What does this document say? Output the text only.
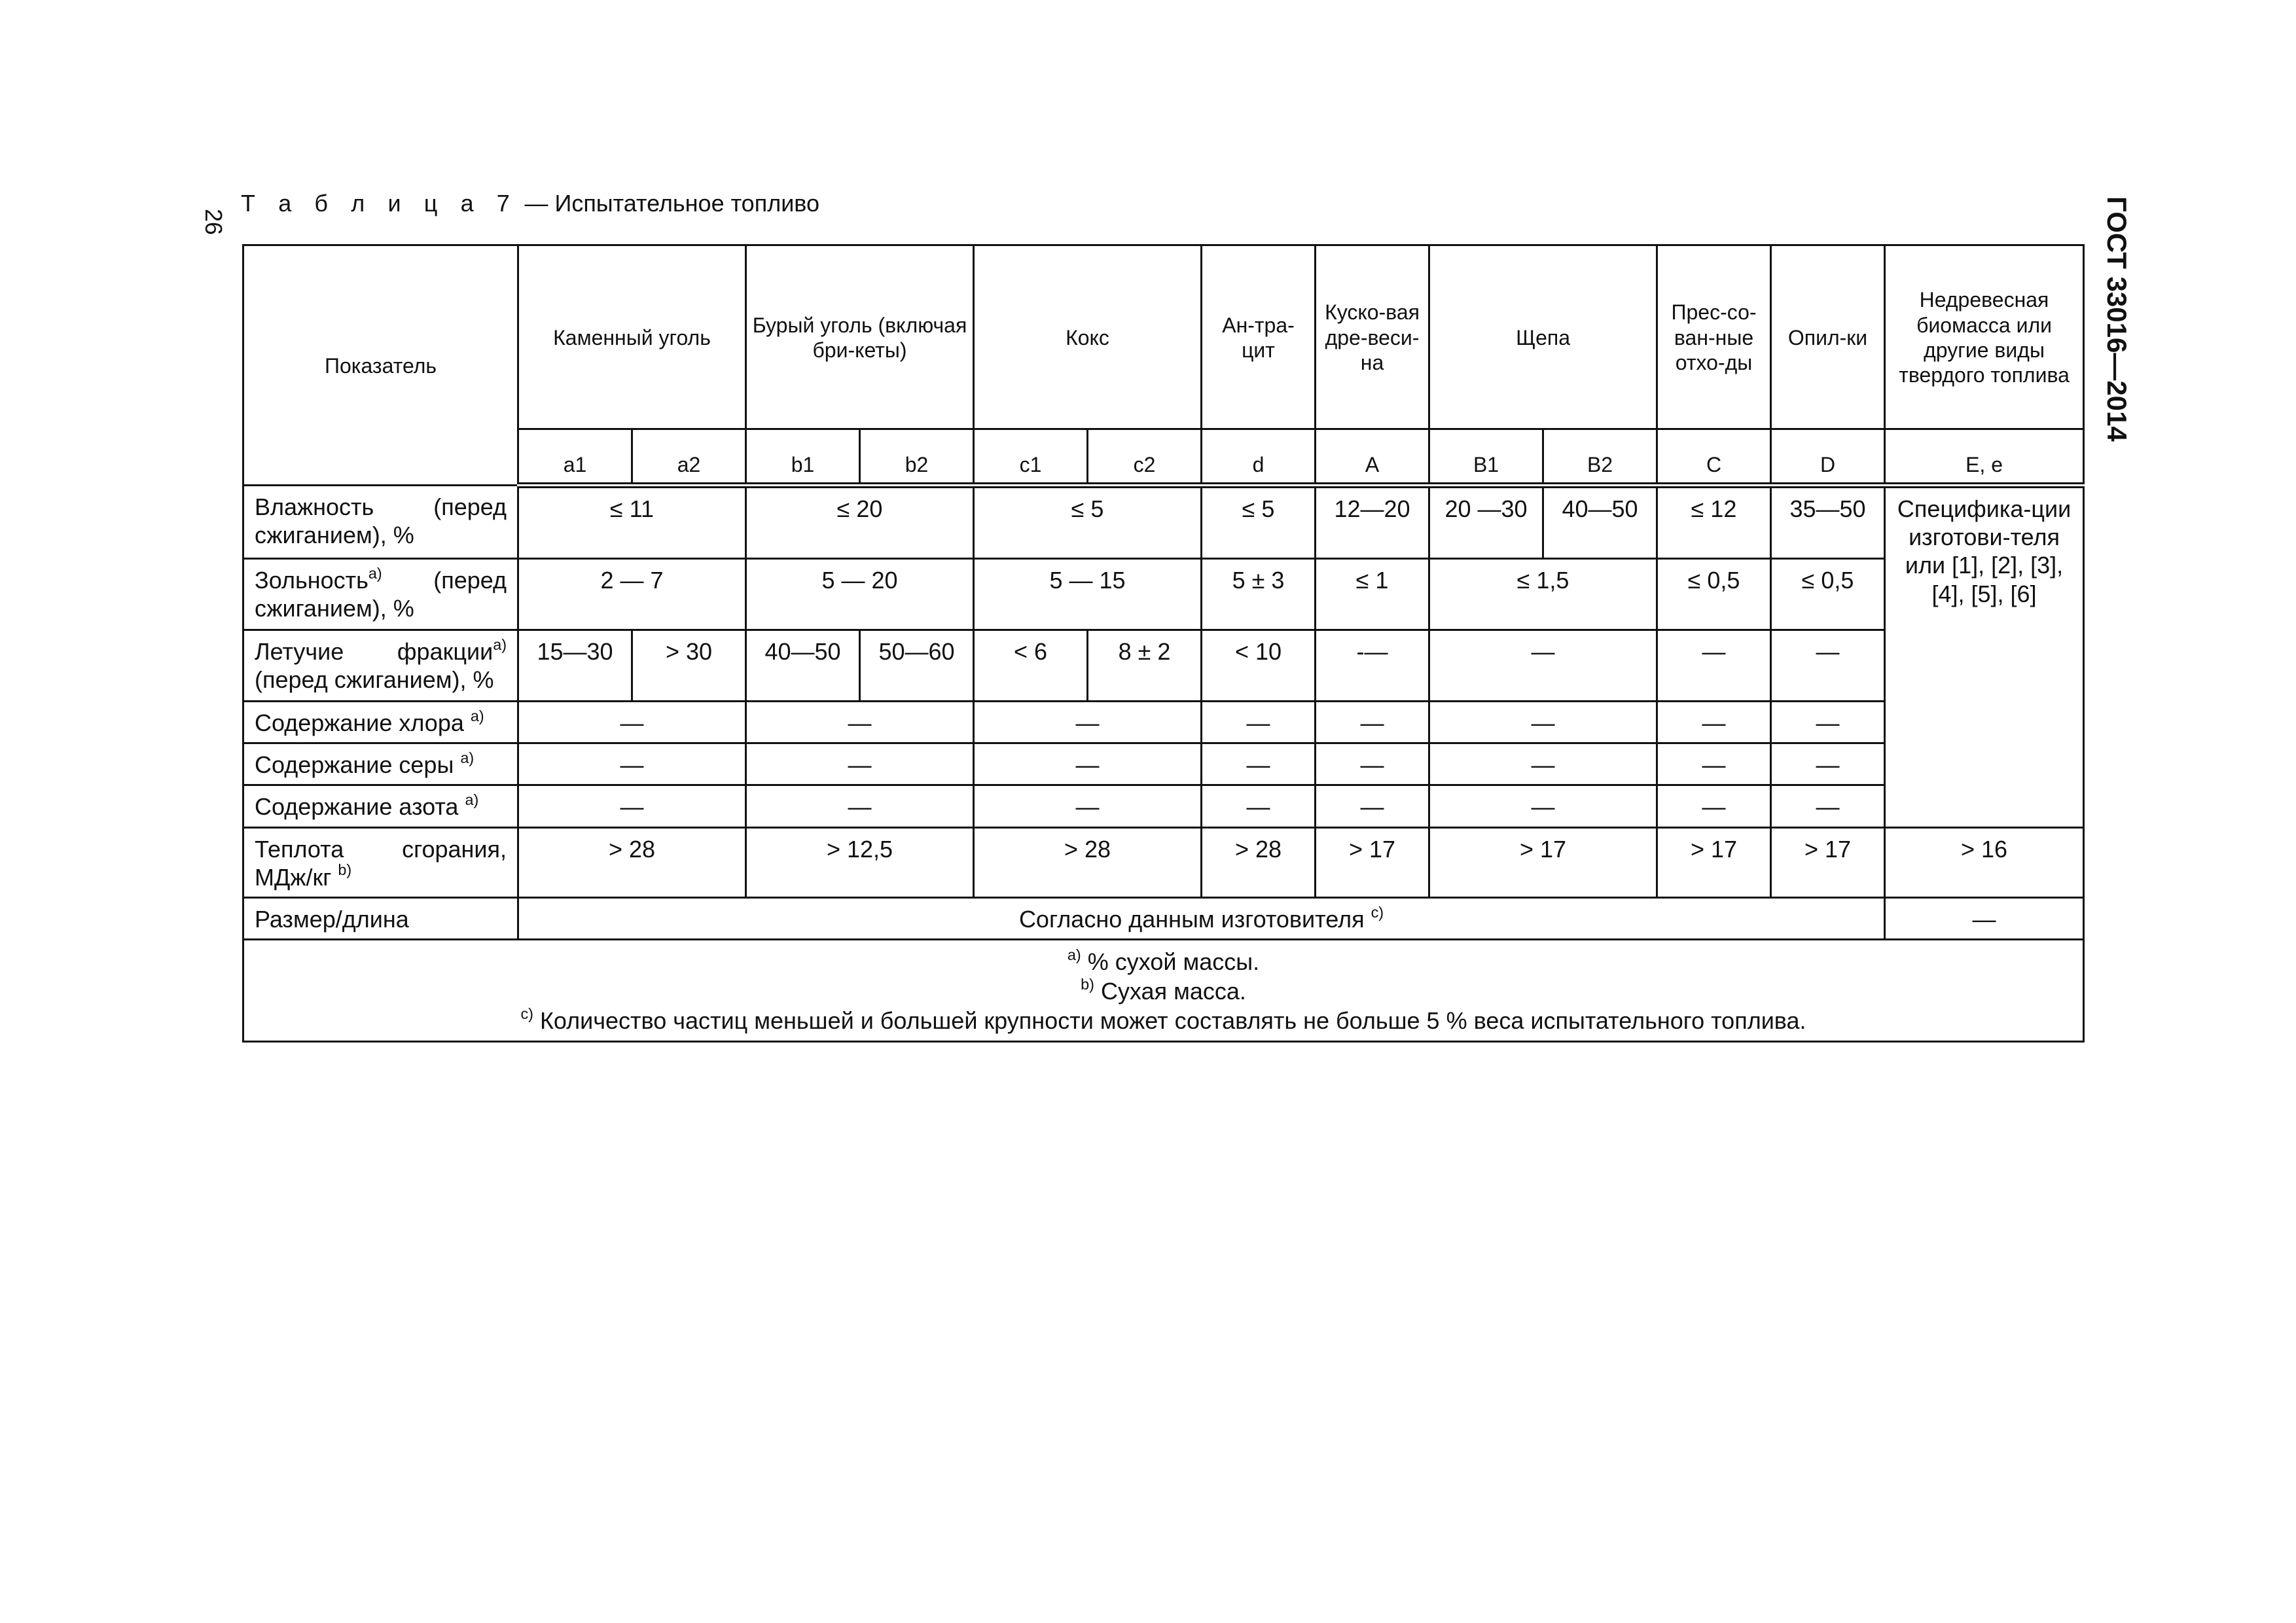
26
Т а б л и ц а 7 — Испытательное топливо	ГОСТ 33016—2014
Показатель	Каменный уголь		Бурый уголь (включая бри-кеты)		Кокс		Ан-тра-цит	Куско-вая дре-веси-на	Щепа		Прес-со-ван-ные отхо-ды	Опил-ки	Недревесная биомасса или другие виды твердого топлива
	a1	a2	b1	b2	c1	c2	d	A	B1	B2	C	D	E, e
Влажность (перед сжиганием), %	≤ 11		≤ 20		≤ 5		≤ 5	12—20	20 —30	40—50	≤ 12	35—50	Специфика-ции изготови-теля или [1], [2], [3], [4], [5], [6]
Зольность$^{а)}$ (перед сжиганием), %	2 — 7		5 — 20		5 — 15		5 ± 3	≤ 1	≤ 1,5		≤ 0,5	≤ 0,5	
Летучие фракции$^{а)}$ (перед сжиганием), %	15—30	> 30	40—50	50—60	< 6	8 ± 2	< 10	-—	—		—	—	
Содержание хлора $^{а)}$	—		—		—		—	—	—		—	—	
Содержание серы $^{а)}$	—		—		—		—	—	—		—	—	
Содержание азота $^{а)}$	—		—		—		—	—	—		—	—	
Теплота сгорания, МДж/кг $^{b)}$	> 28		> 12,5		> 28		> 28	> 17	> 17		> 17	> 17	> 16
Размер/длина	Согласно данным изготовителя $^{c)}$												—

$^{a)}$ % сухой массы.
$^{b)}$ Сухая масса.
$^{c)}$ Количество частиц меньшей и большей крупности может составлять не больше 5 % веса испытательного топлива.													
